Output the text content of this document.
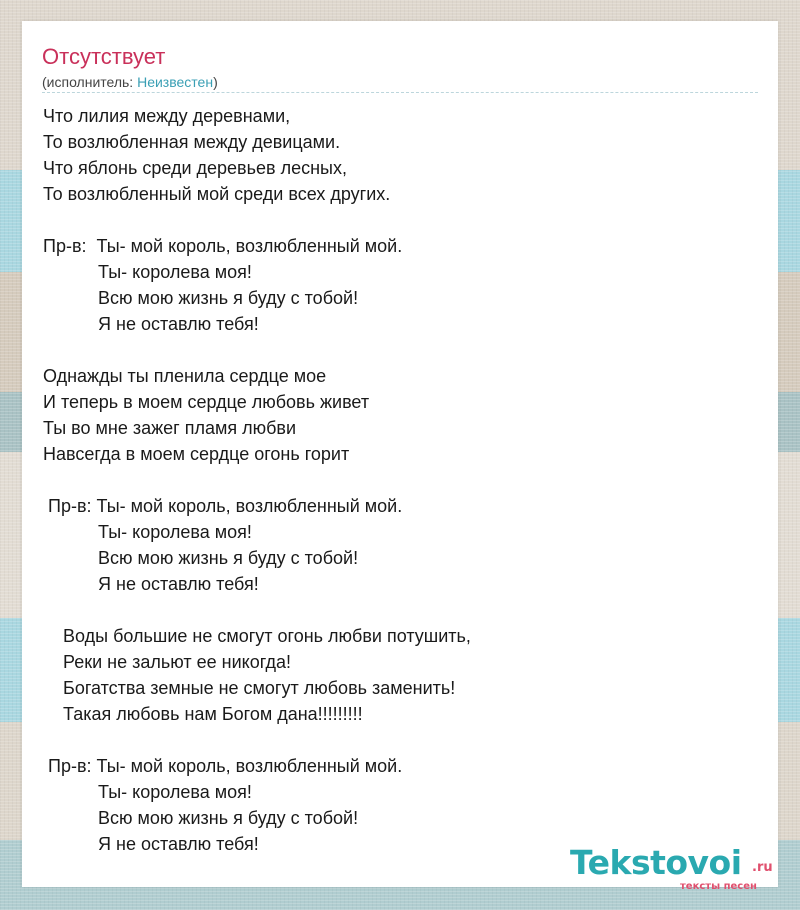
Отсутствует
(исполнитель: Неизвестен)
Что лилия между деревнами,
То возлюбленная между девицами.
Что яблонь среди деревьев лесных,
То возлюбленный мой среди всех других.
Пр-в:  Ты- мой король, возлюбленный мой.
Ты- королева моя!
Всю мою жизнь я буду с тобой!
Я не оставлю тебя!
Однажды ты пленила сердце мое
И теперь в моем сердце любовь живет
Ты во мне зажег пламя любви
Навсегда в моем сердце огонь горит
Пр-в: Ты- мой король, возлюбленный мой.
Ты- королева моя!
Всю мою жизнь я буду с тобой!
Я не оставлю тебя!
Воды большие не смогут огонь любви потушить,
Реки не зальют ее никогда!
Богатства земные не смогут любовь заменить!
Такая любовь нам Богом дана!!!!!!!!!
Пр-в: Ты- мой король, возлюбленный мой.
Ты- королева моя!
Всю мою жизнь я буду с тобой!
Я не оставлю тебя!	Tekstovoi .ru
тексты песен
